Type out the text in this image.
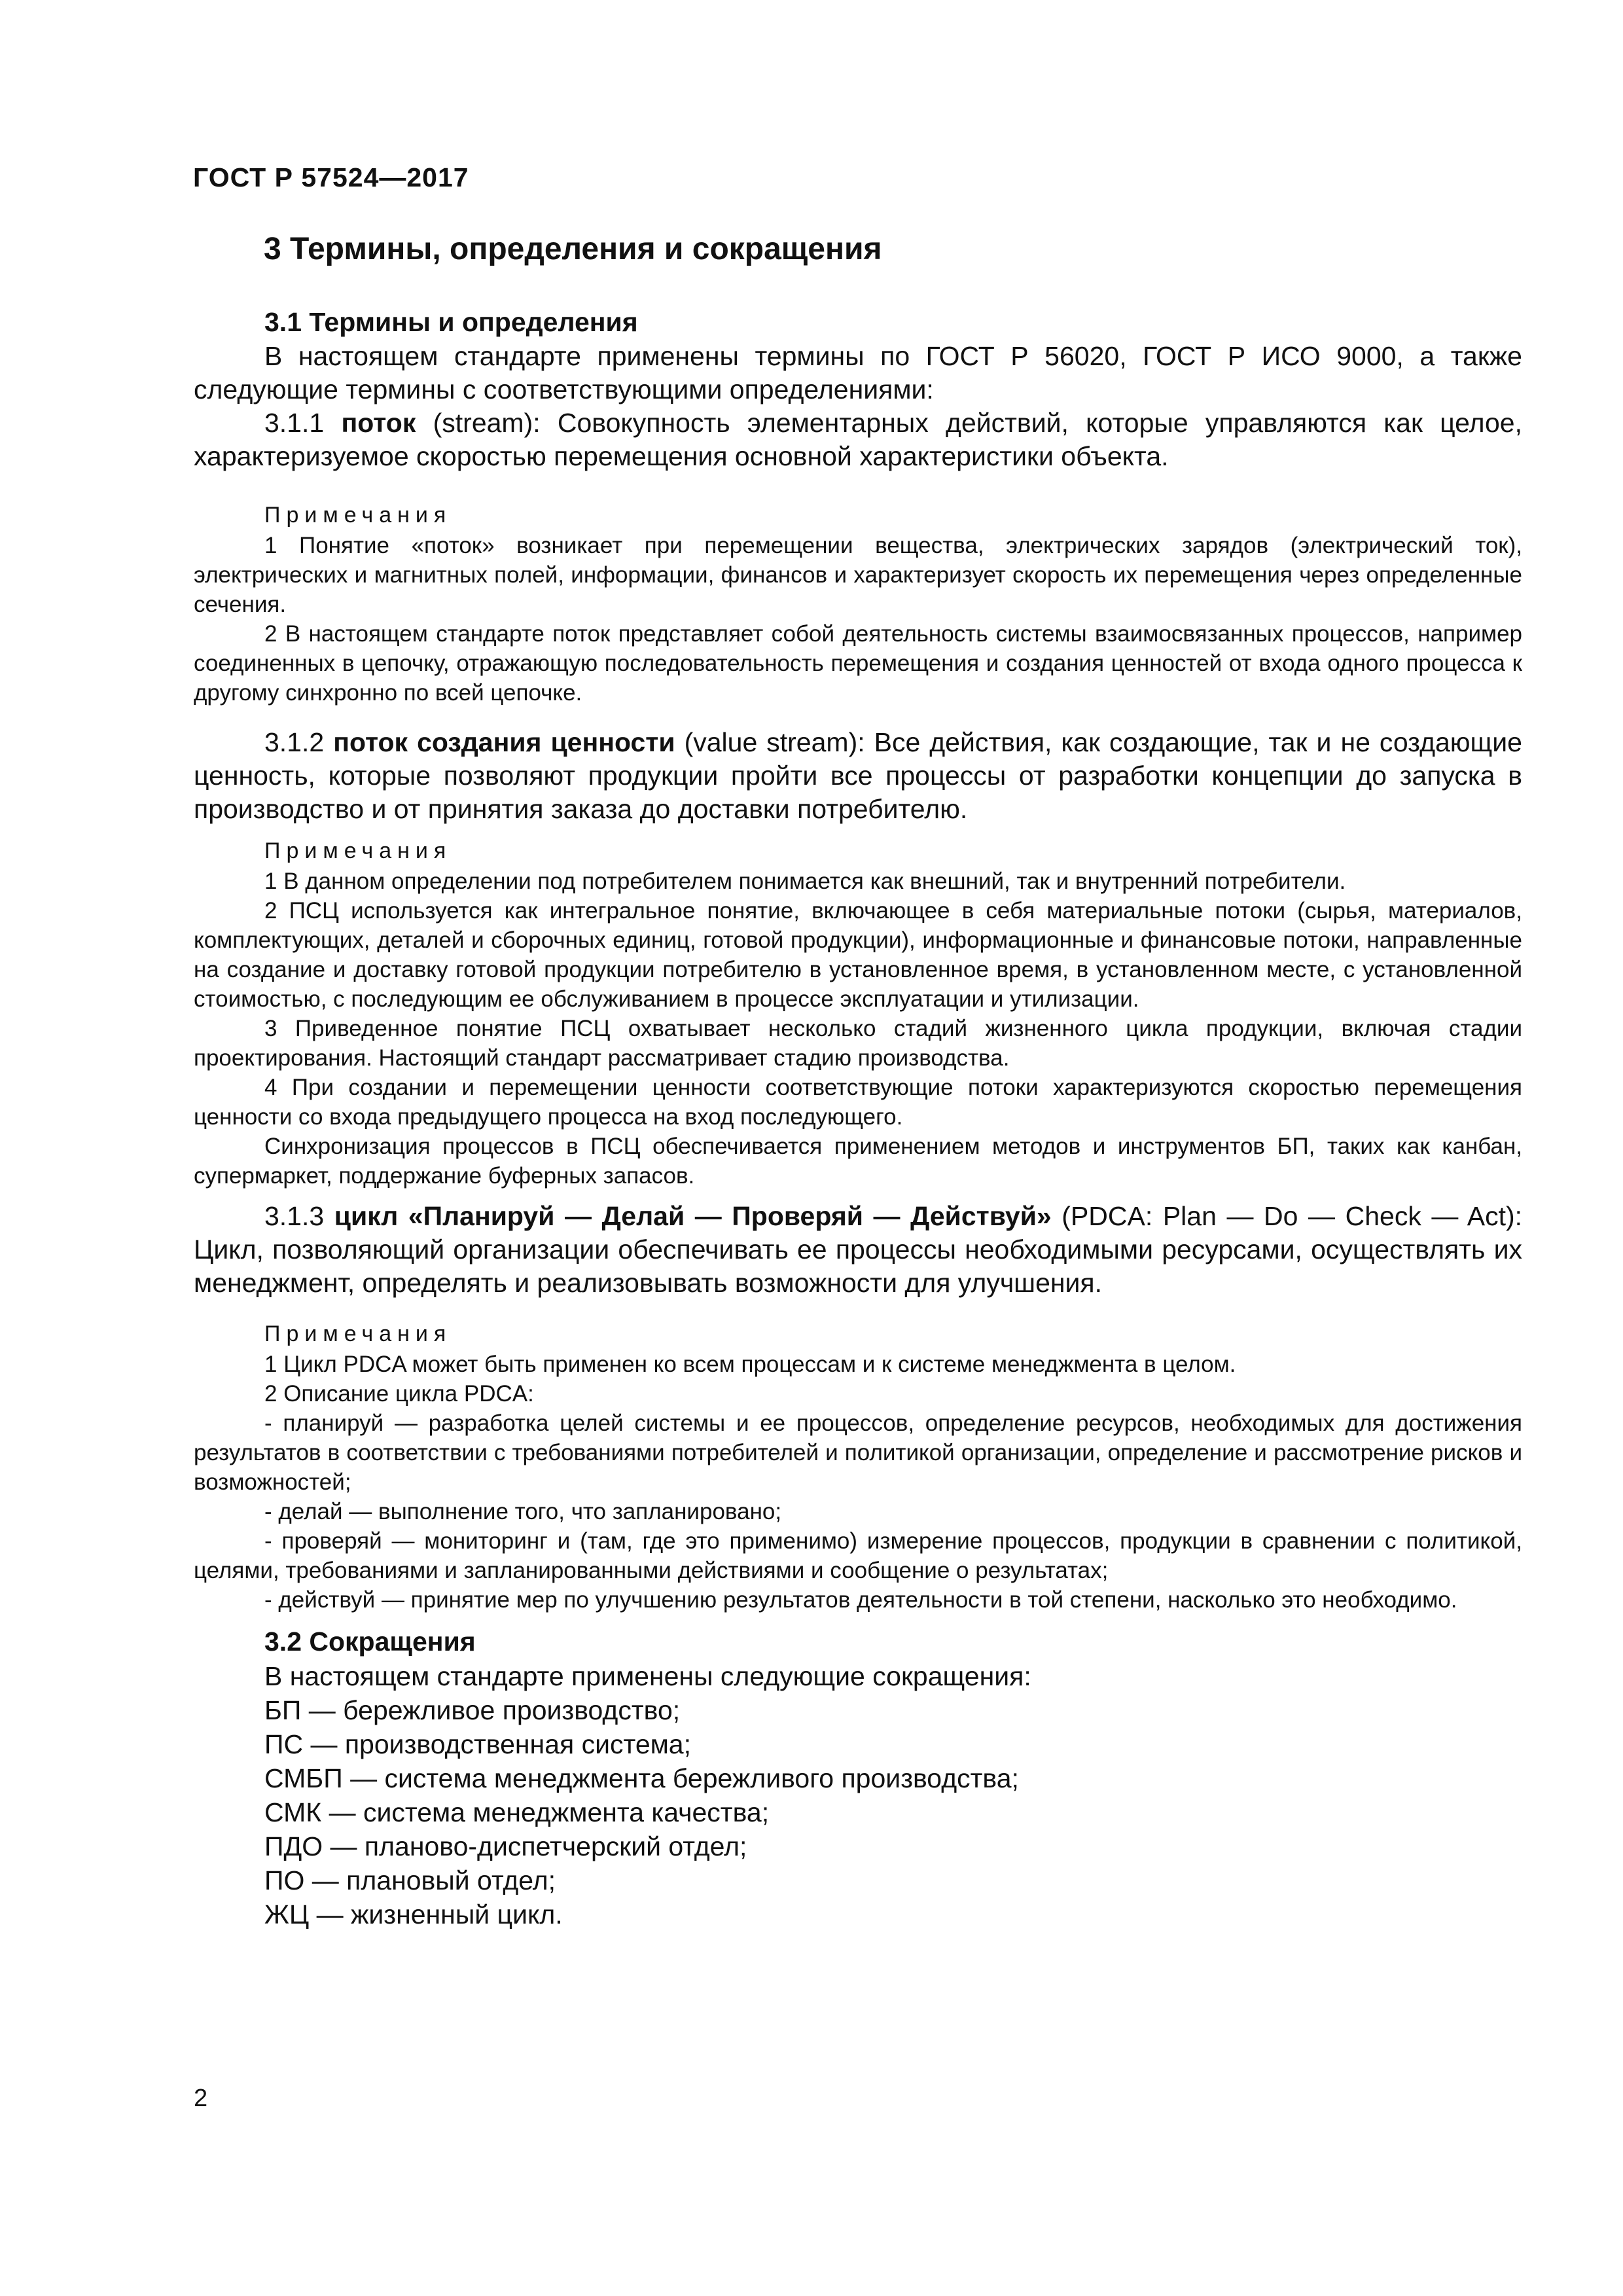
ГОСТ Р 57524—2017
3 Термины, определения и сокращения

3.1 Термины и определения

В настоящем стандарте применены термины по ГОСТ Р 56020, ГОСТ Р ИСО 9000, а также следующие термины с соответствующими определениями:

3.1.1 поток (stream): Совокупность элементарных действий, которые управляются как целое, характеризуемое скоростью перемещения основной характеристики объекта.

Примечания

1 Понятие «поток» возникает при перемещении вещества, электрических зарядов (электрический ток), электрических и магнитных полей, информации, финансов и характеризует скорость их перемещения через определенные сечения.

2 В настоящем стандарте поток представляет собой деятельность системы взаимосвязанных процессов, например соединенных в цепочку, отражающую последовательность перемещения и создания ценностей от входа одного процесса к другому синхронно по всей цепочке.

3.1.2 поток создания ценности (value stream): Все действия, как создающие, так и не создающие ценность, которые позволяют продукции пройти все процессы от разработки концепции до запуска в производство и от принятия заказа до доставки потребителю.

Примечания

1 В данном определении под потребителем понимается как внешний, так и внутренний потребители.

2 ПСЦ используется как интегральное понятие, включающее в себя материальные потоки (сырья, материалов, комплектующих, деталей и сборочных единиц, готовой продукции), информационные и финансовые потоки, направленные на создание и доставку готовой продукции потребителю в установленное время, в установленном месте, с установленной стоимостью, с последующим ее обслуживанием в процессе эксплуатации и утилизации.

3 Приведенное понятие ПСЦ охватывает несколько стадий жизненного цикла продукции, включая стадии проектирования. Настоящий стандарт рассматривает стадию производства.

4 При создании и перемещении ценности соответствующие потоки характеризуются скоростью перемещения ценности со входа предыдущего процесса на вход последующего.

Синхронизация процессов в ПСЦ обеспечивается применением методов и инструментов БП, таких как канбан, супермаркет, поддержание буферных запасов.

3.1.3 цикл «Планируй — Делай — Проверяй — Действуй» (PDCA: Plan — Do — Check — Act): Цикл, позволяющий организации обеспечивать ее процессы необходимыми ресурсами, осуществлять их менеджмент, определять и реализовывать возможности для улучшения.

Примечания

1 Цикл PDCA может быть применен ко всем процессам и к системе менеджмента в целом.

2 Описание цикла PDCA:

- планируй — разработка целей системы и ее процессов, определение ресурсов, необходимых для достижения результатов в соответствии с требованиями потребителей и политикой организации, определение и рассмотрение рисков и возможностей;

- делай — выполнение того, что запланировано;

- проверяй — мониторинг и (там, где это применимо) измерение процессов, продукции в сравнении с политикой, целями, требованиями и запланированными действиями и сообщение о результатах;

- действуй — принятие мер по улучшению результатов деятельности в той степени, насколько это необходимо.

3.2 Сокращения

В настоящем стандарте применены следующие сокращения:

БП — бережливое производство;

ПС — производственная система;

СМБП — система менеджмента бережливого производства;

СМК — система менеджмента качества;

ПДО — планово-диспетчерский отдел;

ПО — плановый отдел;

ЖЦ — жизненный цикл.

2
